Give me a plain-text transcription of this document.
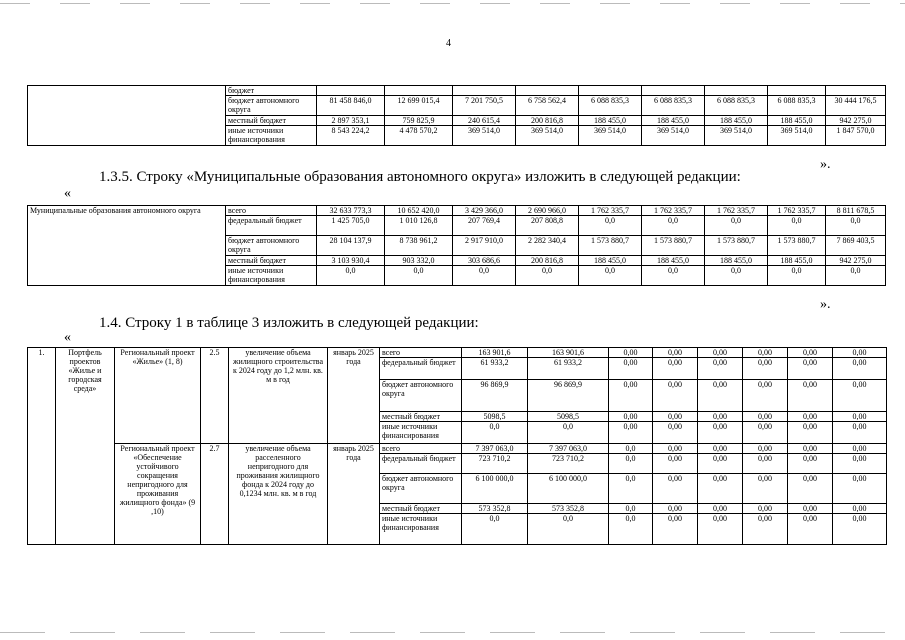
4
	бюджет									
	бюджет автономного округа	81 458 846,0	12 699 015,4	7 201 750,5	6 758 562,4	6 088 835,3	6 088 835,3	6 088 835,3	6 088 835,3	30 444 176,5
	местный бюджет	2 897 353,1	759 825,9	240 615,4	200 816,8	188 455,0	188 455,0	188 455,0	188 455,0	942 275,0
	иные источники финансирования	8 543 224,2	4 478 570,2	369 514,0	369 514,0	369 514,0	369 514,0	369 514,0	369 514,0	1 847 570,0
».
1.3.5. Строку «Муниципальные образования автономного округа» изложить в следующей редакции:
«
Муниципальные образования автономного округа	всего	32 633 773,3	10 652 420,0	3 429 366,0	2 690 966,0	1 762 335,7	1 762 335,7	1 762 335,7	1 762 335,7	8 811 678,5
	федеральный бюджет	1 425 705,0	1 010 126,8	207 769,4	207 808,8	0,0	0,0	0,0	0,0	0,0
	бюджет автономного округа	28 104 137,9	8 738 961,2	2 917 910,0	2 282 340,4	1 573 880,7	1 573 880,7	1 573 880,7	1 573 880,7	7 869 403,5
	местный бюджет	3 103 930,4	903 332,0	303 686,6	200 816,8	188 455,0	188 455,0	188 455,0	188 455,0	942 275,0
	иные источники финансирования	0,0	0,0	0,0	0,0	0,0	0,0	0,0	0,0	0,0
».
1.4. Строку 1 в таблице 3 изложить в следующей редакции:
«
1.	Портфель проектов «Жилье и городская среда»	Региональный проект «Жилье» (1, 8)	2.5	увеличение объема жилищного строительства к 2024 году до 1,2 млн. кв. м в год	январь 2025 года	всего	163 901,6	163 901,6	0,00	0,00	0,00	0,00	0,00	0,00
						федеральный бюджет	61 933,2	61 933,2	0,00	0,00	0,00	0,00	0,00	0,00
						бюджет автономного округа	96 869,9	96 869,9	0,00	0,00	0,00	0,00	0,00	0,00
						местный бюджет	5098,5	5098,5	0,00	0,00	0,00	0,00	0,00	0,00
						иные источники финансирования	0,0	0,0	0,00	0,00	0,00	0,00	0,00	0,00
		Региональный проект «Обеспечение устойчивого сокращения непригодного для проживания жилищного фонда» (9 ,10)	2.7	увеличение объема расселенного непригодного для проживания жилищного фонда к 2024 году до 0,1234 млн. кв. м в год	январь 2025 года	всего	7 397 063,0	7 397 063,0	0,0	0,00	0,00	0,00	0,00	0,00
						федеральный бюджет	723 710,2	723 710,2	0,0	0,00	0,00	0,00	0,00	0,00
						бюджет автономного округа	6 100 000,0	6 100 000,0	0,0	0,00	0,00	0,00	0,00	0,00
						местный бюджет	573 352,8	573 352,8	0,0	0,00	0,00	0,00	0,00	0,00
						иные источники финансирования	0,0	0,0	0,0	0,00	0,00	0,00	0,00	0,00
